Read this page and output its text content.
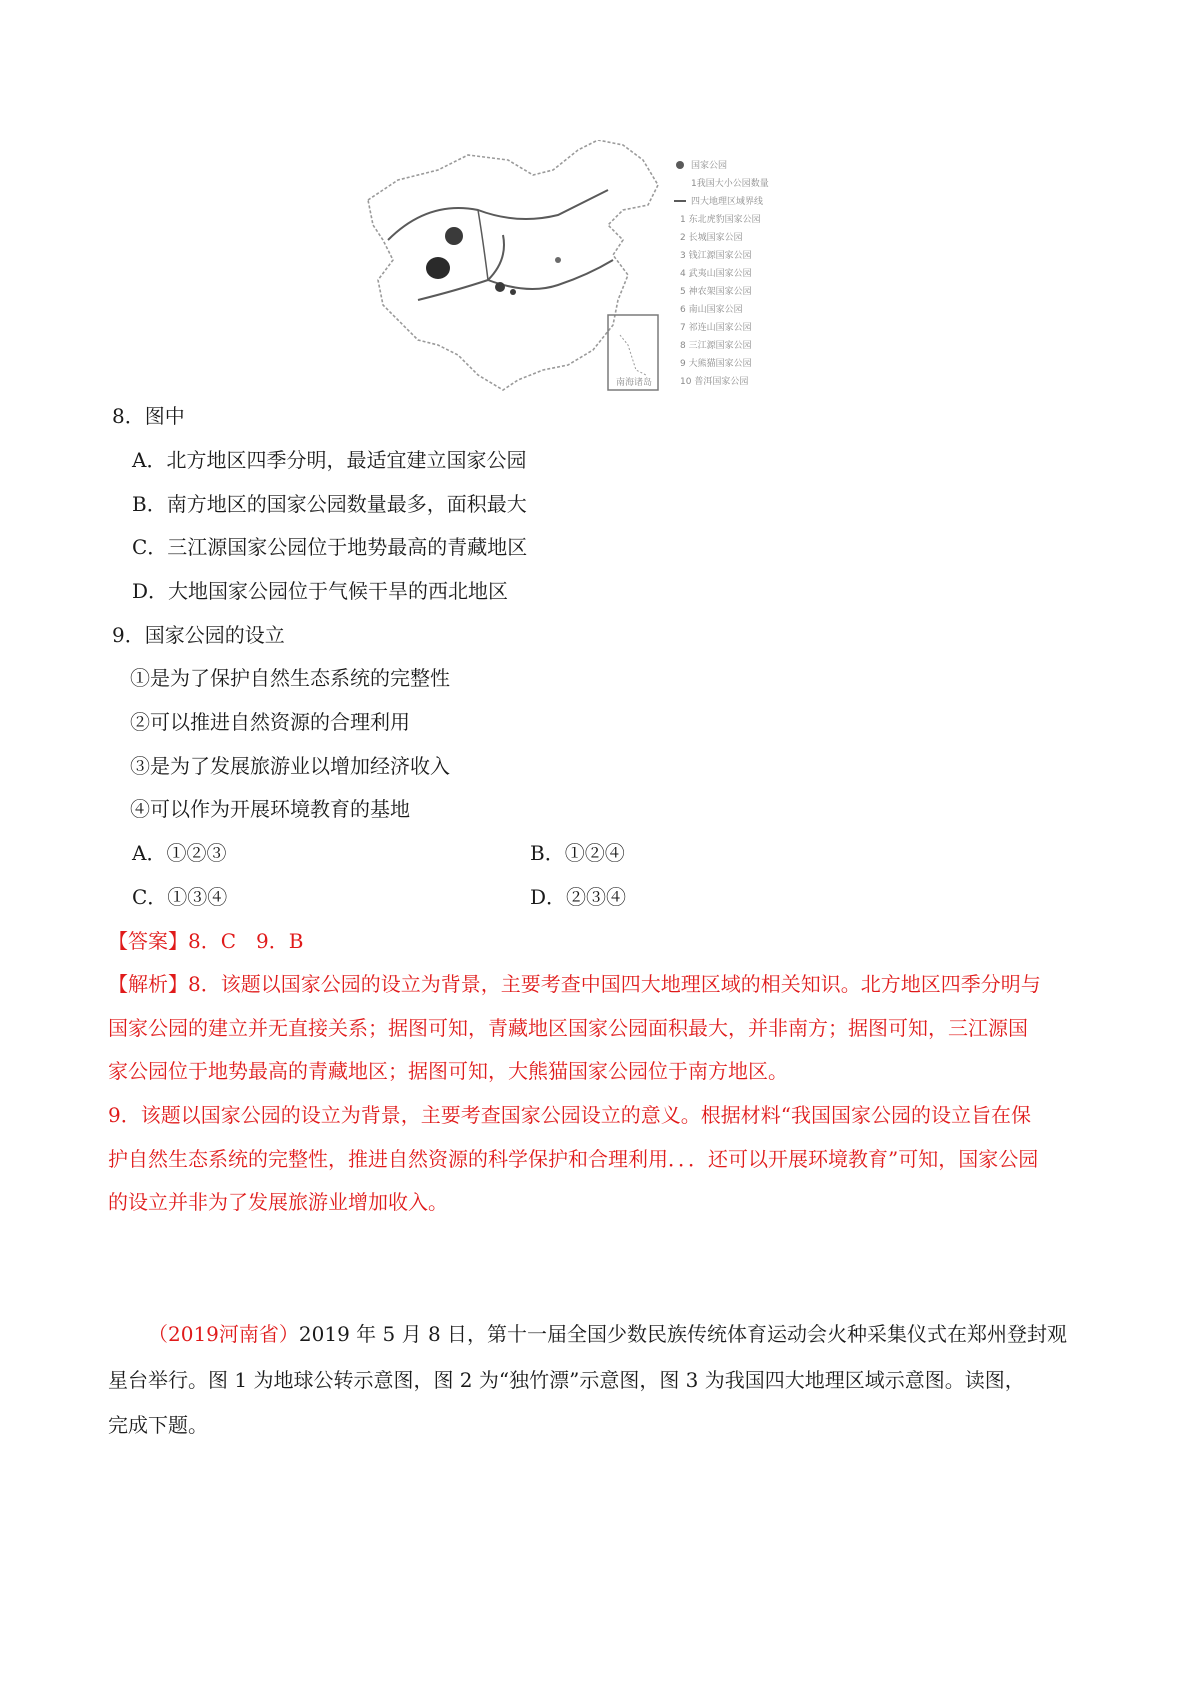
南海诸岛
国家公园
1我国大小公园数量
四大地理区域界线
1 东北虎豹国家公园
2 长城国家公园
3 钱江源国家公园
4 武夷山国家公园
5 神农架国家公园
6 南山国家公园
7 祁连山国家公园
8 三江源国家公园
9 大熊猫国家公园
10 普洱国家公园
8．图中
A．北方地区四季分明，最适宜建立国家公园
B．南方地区的国家公园数量最多，面积最大
C．三江源国家公园位于地势最高的青藏地区
D．大地国家公园位于气候干旱的西北地区
9．国家公园的设立
①是为了保护自然生态系统的完整性
②可以推进自然资源的合理利用
③是为了发展旅游业以增加经济收入
④可以作为开展环境教育的基地
A．①②③	B．①②④
C．①③④	D．②③④
【答案】8．C　9．B
【解析】8．该题以国家公园的设立为背景，主要考查中国四大地理区域的相关知识。北方地区四季分明与
国家公园的建立并无直接关系；据图可知，青藏地区国家公园面积最大，并非南方；据图可知，三江源国
家公园位于地势最高的青藏地区；据图可知，大熊猫国家公园位于南方地区。
9．该题以国家公园的设立为背景，主要考查国家公园设立的意义。根据材料“我国国家公园的设立旨在保
护自然生态系统的完整性，推进自然资源的科学保护和合理利用．．．还可以开展环境教育”可知，国家公园
的设立并非为了发展旅游业增加收入。
（2019河南省）2019 年 5 月 8 日，第十一届全国少数民族传统体育运动会火种采集仪式在郑州登封观
星台举行。图 1 为地球公转示意图，图 2 为“独竹漂”示意图，图 3 为我国四大地理区域示意图。读图，
完成下题。
